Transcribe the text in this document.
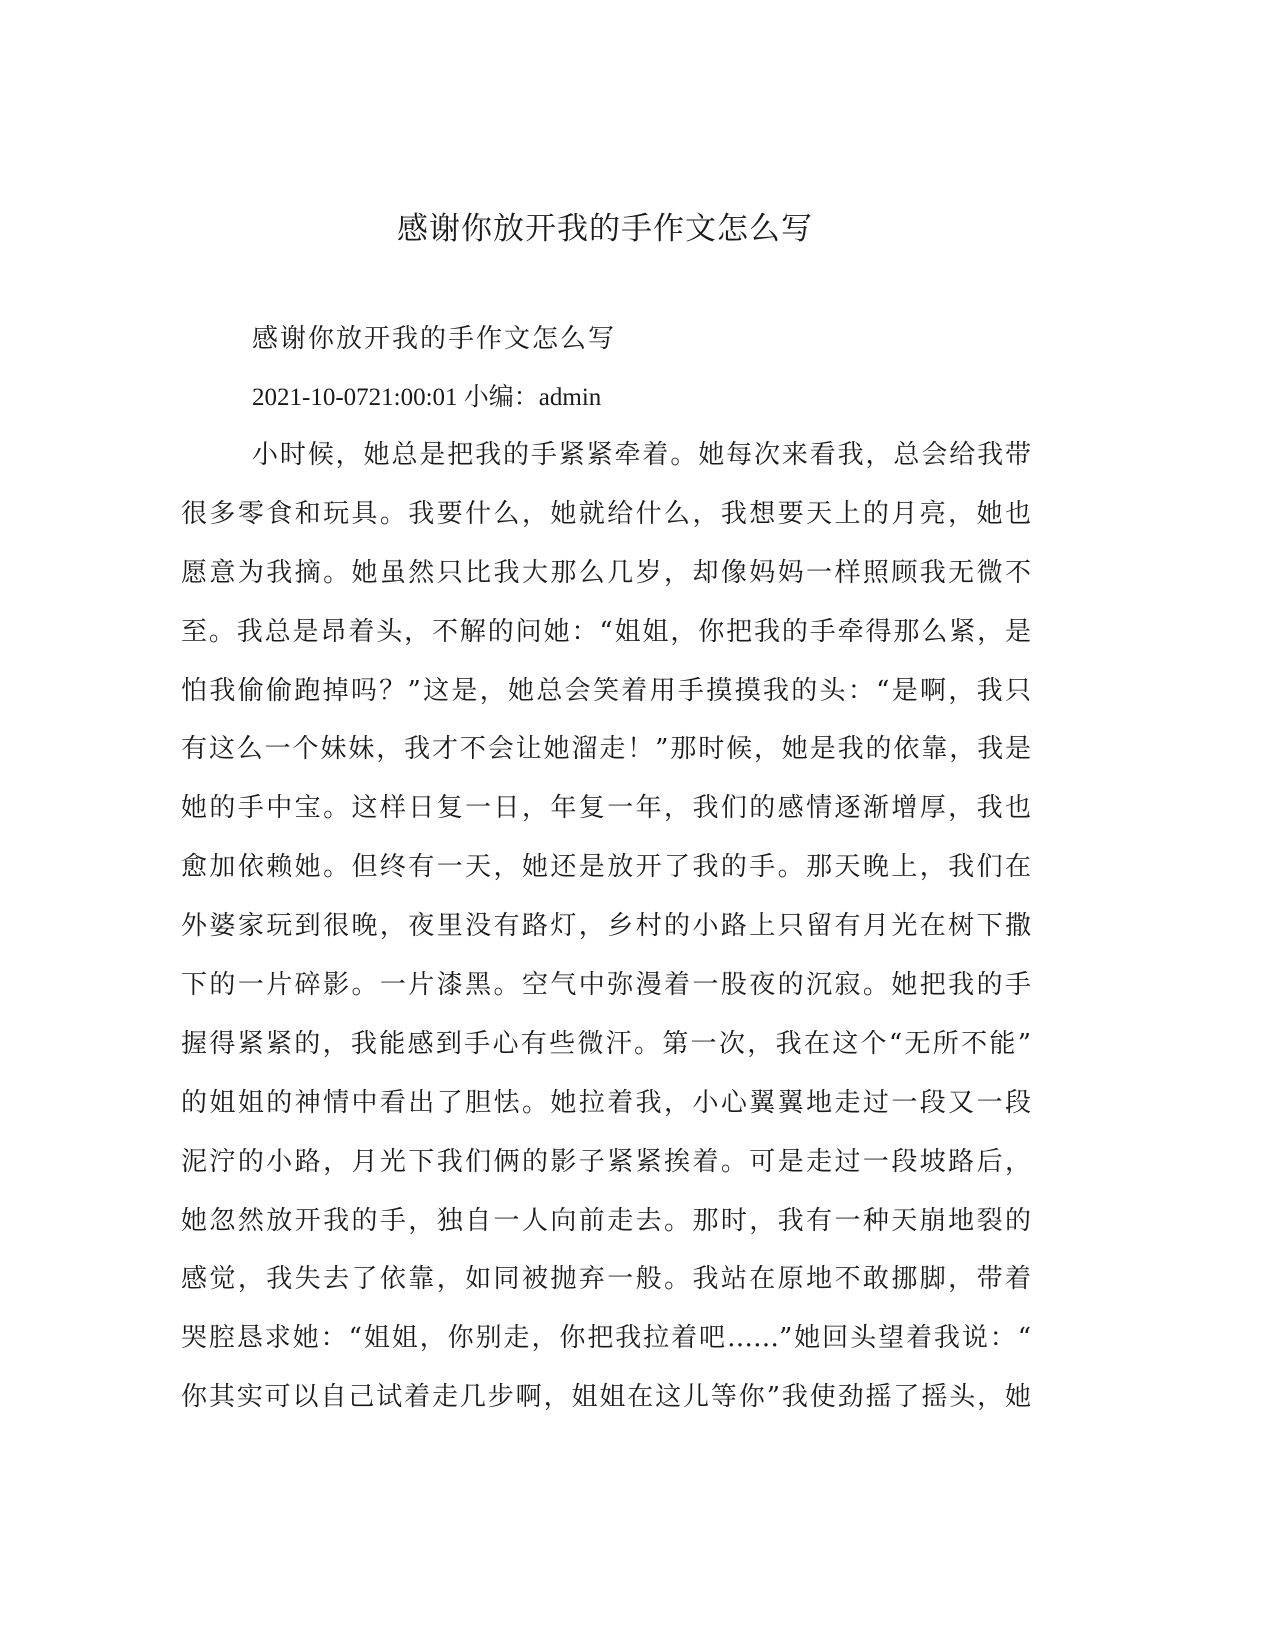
感谢你放开我的手作文怎么写

感谢你放开我的手作文怎么写

2021-10-0721:00:01 小编：admin

小时候，她总是把我的手紧紧牵着。她每次来看我，总会给我带
很多零食和玩具。我要什么，她就给什么，我想要天上的月亮，她也
愿意为我摘。她虽然只比我大那么几岁，却像妈妈一样照顾我无微不
至。我总是昂着头，不解的问她：“姐姐，你把我的手牵得那么紧，是
怕我偷偷跑掉吗？”这是，她总会笑着用手摸摸我的头：“是啊，我只
有这么一个妹妹，我才不会让她溜走！”那时候，她是我的依靠，我是
她的手中宝。这样日复一日，年复一年，我们的感情逐渐增厚，我也
愈加依赖她。但终有一天，她还是放开了我的手。那天晚上，我们在
外婆家玩到很晚，夜里没有路灯，乡村的小路上只留有月光在树下撒
下的一片碎影。一片漆黑。空气中弥漫着一股夜的沉寂。她把我的手
握得紧紧的，我能感到手心有些微汗。第一次，我在这个“无所不能”
的姐姐的神情中看出了胆怯。她拉着我，小心翼翼地走过一段又一段
泥泞的小路，月光下我们俩的影子紧紧挨着。可是走过一段坡路后，
她忽然放开我的手，独自一人向前走去。那时，我有一种天崩地裂的
感觉，我失去了依靠，如同被抛弃一般。我站在原地不敢挪脚，带着
哭腔恳求她：“姐姐，你别走，你把我拉着吧……”她回头望着我说：“
你其实可以自己试着走几步啊，姐姐在这儿等你”我使劲摇了摇头，她
